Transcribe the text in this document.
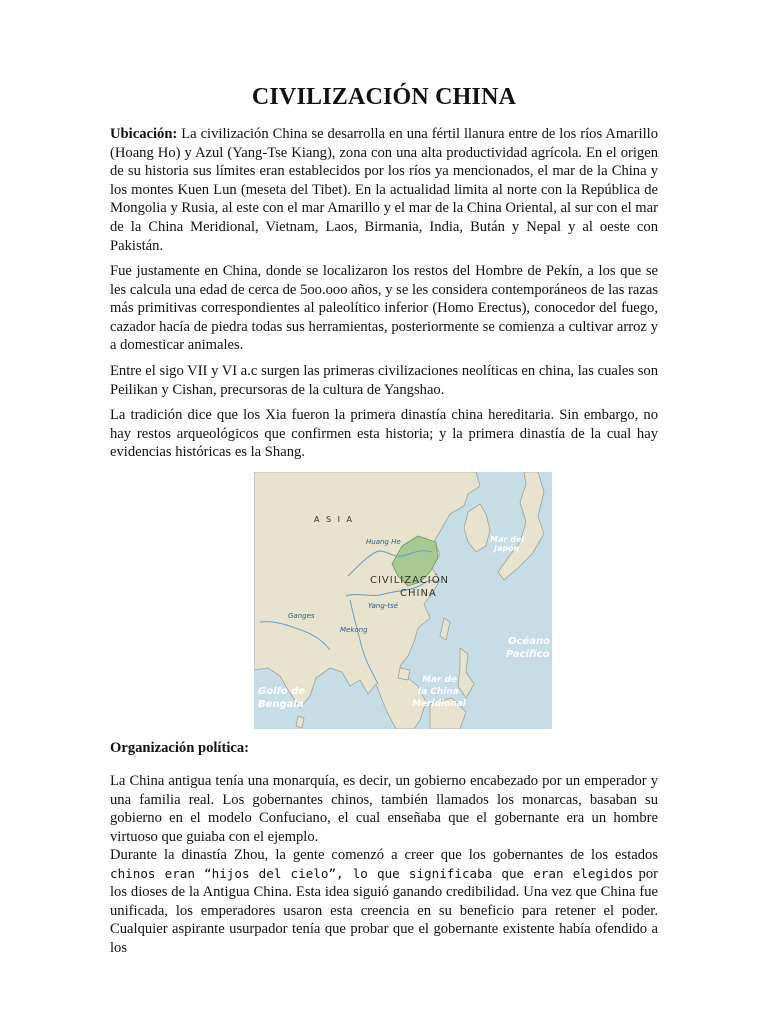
CIVILIZACIÓN CHINA

Ubicación: La civilización China se desarrolla en una fértil llanura entre de los ríos Amarillo (Hoang Ho) y Azul (Yang-Tse Kiang), zona con una alta productividad agrícola. En el origen de su historia sus límites eran establecidos por los ríos ya mencionados, el mar de la China y los montes Kuen Lun (meseta del Tibet). En la actualidad limita al norte con la República de Mongolia y Rusia, al este con el mar Amarillo y el mar de la China Oriental, al sur con el mar de la China Meridional, Vietnam, Laos, Birmania, India, Bután y Nepal y al oeste con Pakistán.

Fue justamente en China, donde se localizaron los restos del Hombre de Pekín, a los que se les calcula una edad de cerca de 5oo.ooo años, y se les considera contemporáneos de las razas más primitivas correspondientes al paleolítico inferior (Homo Erectus), conocedor del fuego, cazador hacía de piedra todas sus herramientas, posteriormente se comienza a cultivar arroz y a domesticar animales.

Entre el sigo VII y VI a.c surgen las primeras civilizaciones neolíticas en china, las cuales son Peilikan y Cishan, precursoras de la cultura de Yangshao.

La tradición dice que los Xia fueron la primera dinastía china hereditaria. Sin embargo, no hay restos arqueológicos que confirmen esta historia; y la primera dinastía de la cual hay evidencias históricas es la Shang.

A S I A
Huang He
CIVILIZACIÓN
CHINA
Ganges
Yang-tsé
Mekong
Mar del
Japón
Océano
Pacífico
Golfo de
Bengala
Mar de
la China
Meridional

Organización política:

La China antigua tenía una monarquía, es decir, un gobierno encabezado por un emperador y una familia real. Los gobernantes chinos, también llamados los monarcas, basaban su gobierno en el modelo Confuciano, el cual enseñaba que el gobernante era un hombre virtuoso que guiaba con el ejemplo.

Durante la dinastía Zhou, la gente comenzó a creer que los gobernantes de los estados chinos eran “hijos del cielo”, lo que significaba que eran elegidos por los dioses de la Antigua China. Esta idea siguió ganando credibilidad. Una vez que China fue unificada, los emperadores usaron esta creencia en su beneficio para retener el poder. Cualquier aspirante usurpador tenía que probar que el gobernante existente había ofendido a los
